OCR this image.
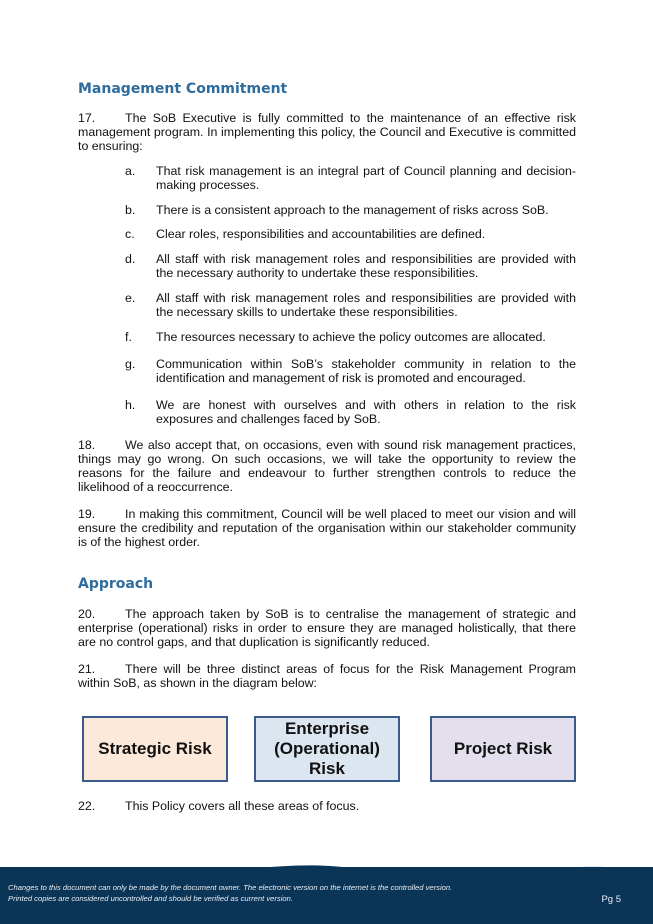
Management Commitment

17. The SoB Executive is fully committed to the maintenance of an effective risk management program. In implementing this policy, the Council and Executive is committed to ensuring:

a. That risk management is an integral part of Council planning and decision-making processes.
b. There is a consistent approach to the management of risks across SoB.
c. Clear roles, responsibilities and accountabilities are defined.
d. All staff with risk management roles and responsibilities are provided with the necessary authority to undertake these responsibilities.
e. All staff with risk management roles and responsibilities are provided with the necessary skills to undertake these responsibilities.
f. The resources necessary to achieve the policy outcomes are allocated.
g. Communication within SoB’s stakeholder community in relation to the identification and management of risk is promoted and encouraged.
h. We are honest with ourselves and with others in relation to the risk exposures and challenges faced by SoB.

18. We also accept that, on occasions, even with sound risk management practices, things may go wrong. On such occasions, we will take the opportunity to review the reasons for the failure and endeavour to further strengthen controls to reduce the likelihood of a reoccurrence.

19. In making this commitment, Council will be well placed to meet our vision and will ensure the credibility and reputation of the organisation within our stakeholder community is of the highest order.

Approach

20. The approach taken by SoB is to centralise the management of strategic and enterprise (operational) risks in order to ensure they are managed holistically, that there are no control gaps, and that duplication is significantly reduced.

21. There will be three distinct areas of focus for the Risk Management Program within SoB, as shown in the diagram below:

Strategic Risk
Enterprise (Operational) Risk
Project Risk

22. This Policy covers all these areas of focus.

Changes to this document can only be made by the document owner. The electronic version on the internet is the controlled version.
Printed copies are considered uncontrolled and should be verified as current version.	Pg 5
